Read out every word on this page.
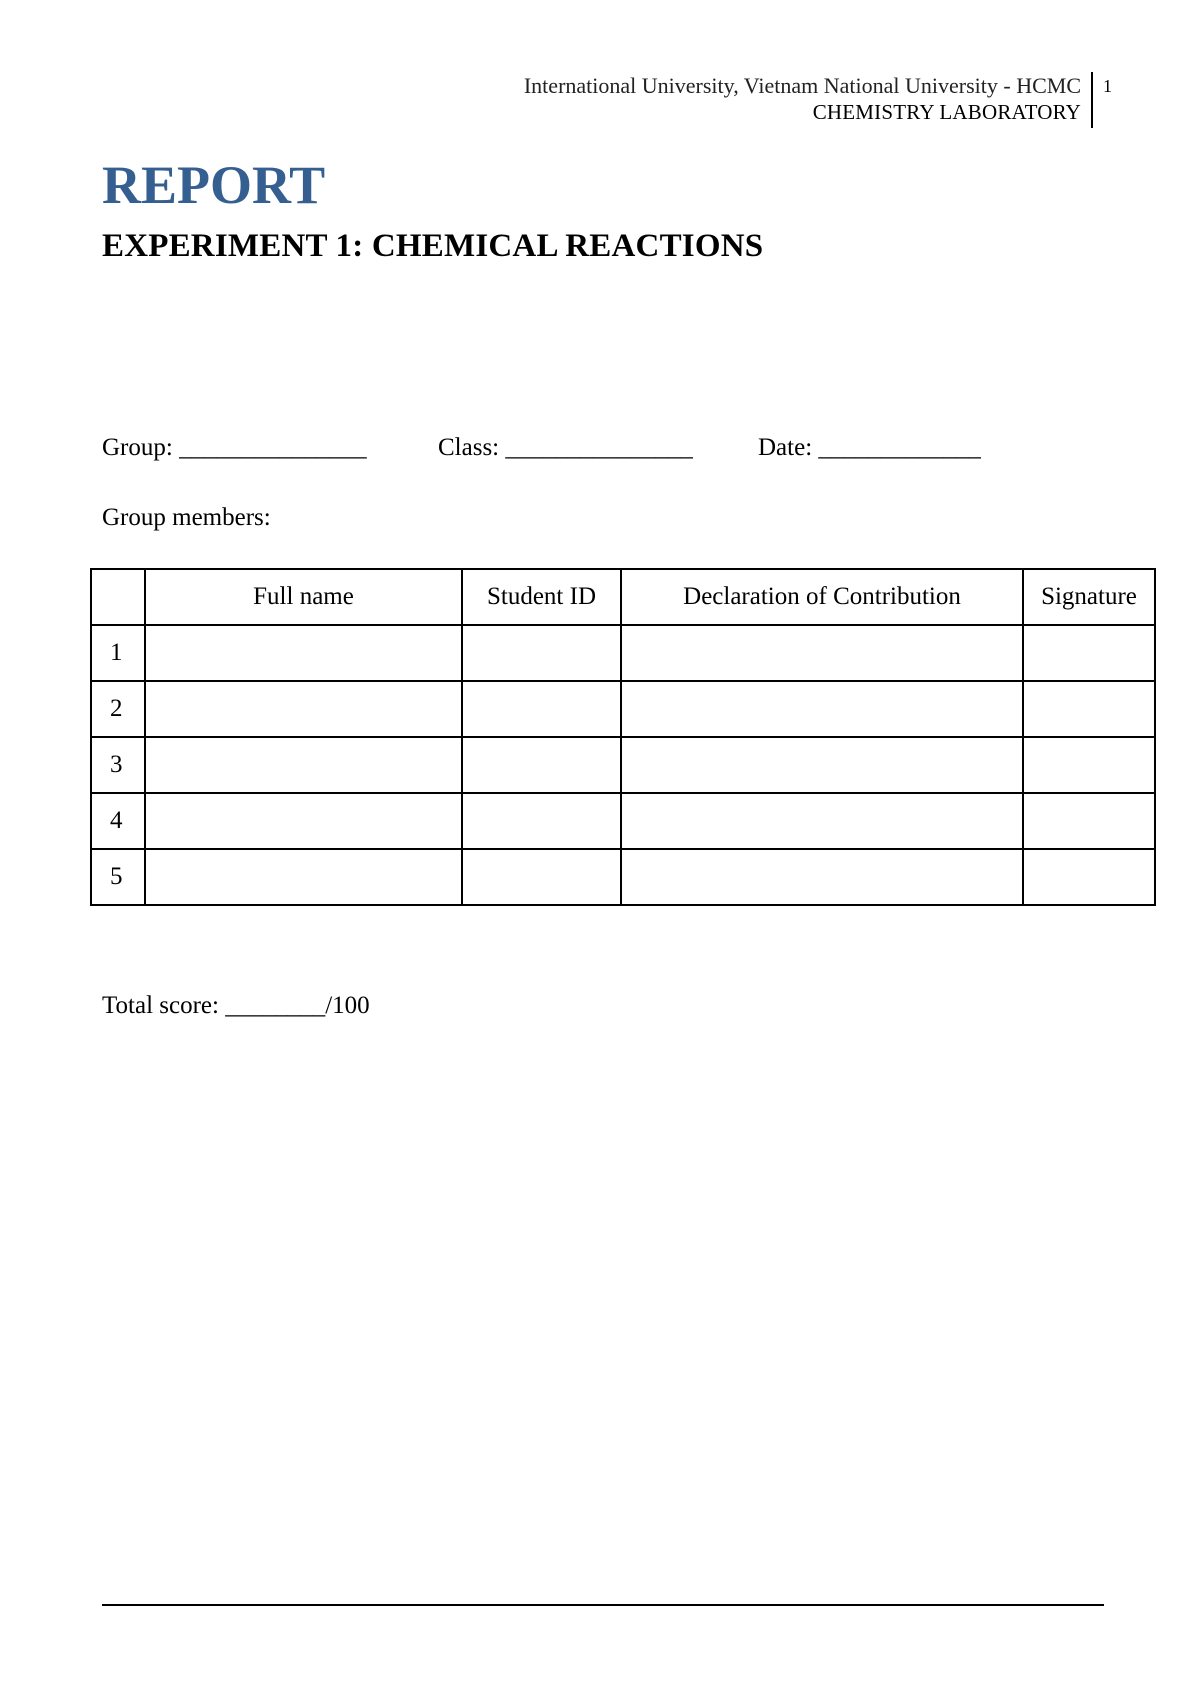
International University, Vietnam National University - HCMC
CHEMISTRY LABORATORY
1
REPORT
EXPERIMENT 1: CHEMICAL REACTIONS
Group: _______________	Class: _______________	Date: _____________
Group members:
	Full name	Student ID	Declaration of Contribution	Signature
1				
2				
3				
4				
5				
Total score: ________/100
